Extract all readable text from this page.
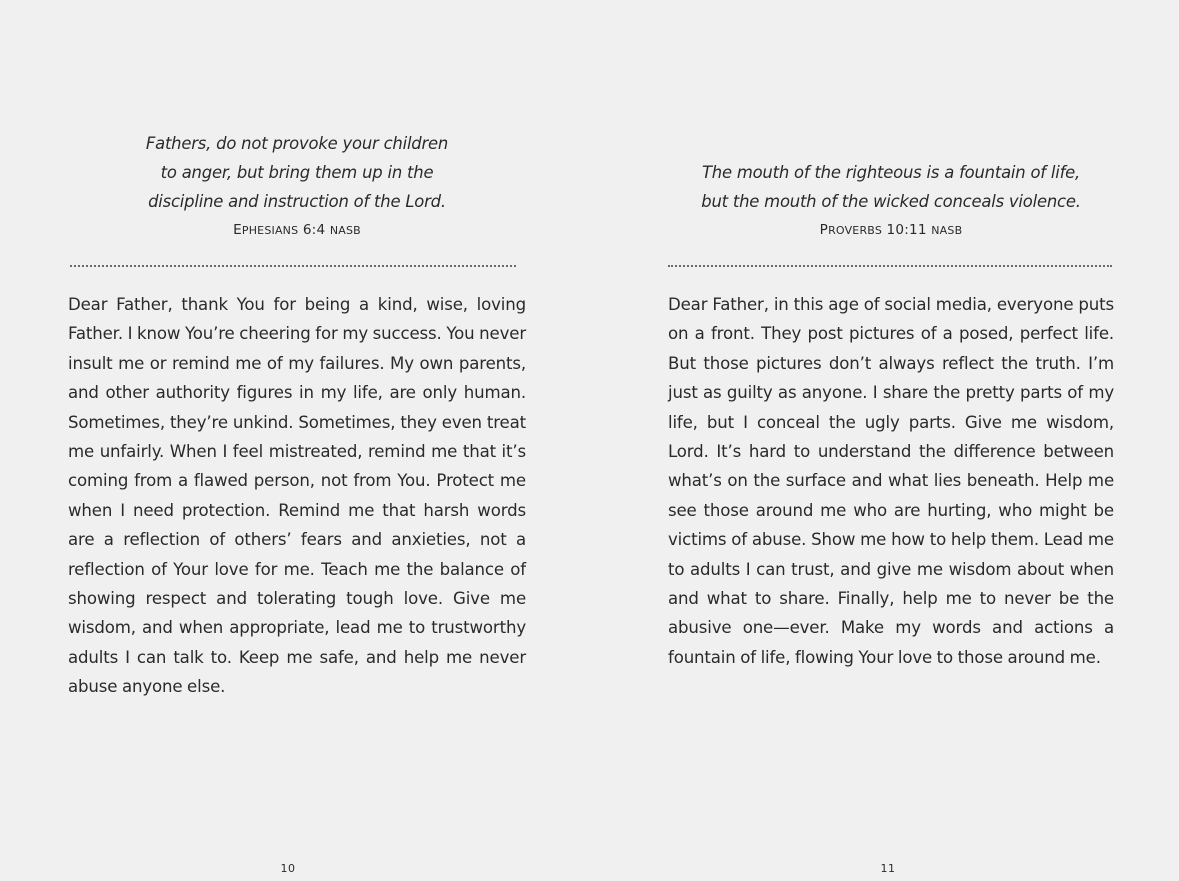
Fathers, do not provoke your children
to anger, but bring them up in the
discipline and instruction of the Lord.
EPHESIANS 6:4 NASB

Dear Father, thank You for being a kind, wise, loving Father. I know You’re cheering for my success. You never insult me or remind me of my failures. My own parents, and other authority figures in my life, are only human. Sometimes, they’re unkind. Sometimes, they even treat me unfairly. When I feel mistreated, remind me that it’s coming from a flawed person, not from You. Protect me when I need protection. Remind me that harsh words are a reflection of others’ fears and anxieties, not a reflection of Your love for me. Teach me the balance of showing respect and tolerating tough love. Give me wisdom, and when appropriate, lead me to trustworthy adults I can talk to. Keep me safe, and help me never abuse anyone else.

10
The mouth of the righteous is a fountain of life,
but the mouth of the wicked conceals violence.
PROVERBS 10:11 NASB

Dear Father, in this age of social media, everyone puts on a front. They post pictures of a posed, perfect life. But those pictures don’t always reflect the truth. I’m just as guilty as anyone. I share the pretty parts of my life, but I conceal the ugly parts. Give me wisdom, Lord. It’s hard to understand the difference between what’s on the surface and what lies beneath. Help me see those around me who are hurting, who might be victims of abuse. Show me how to help them. Lead me to adults I can trust, and give me wisdom about when and what to share. Finally, help me to never be the abusive one—ever. Make my words and actions a fountain of life, flowing Your love to those around me.

11
